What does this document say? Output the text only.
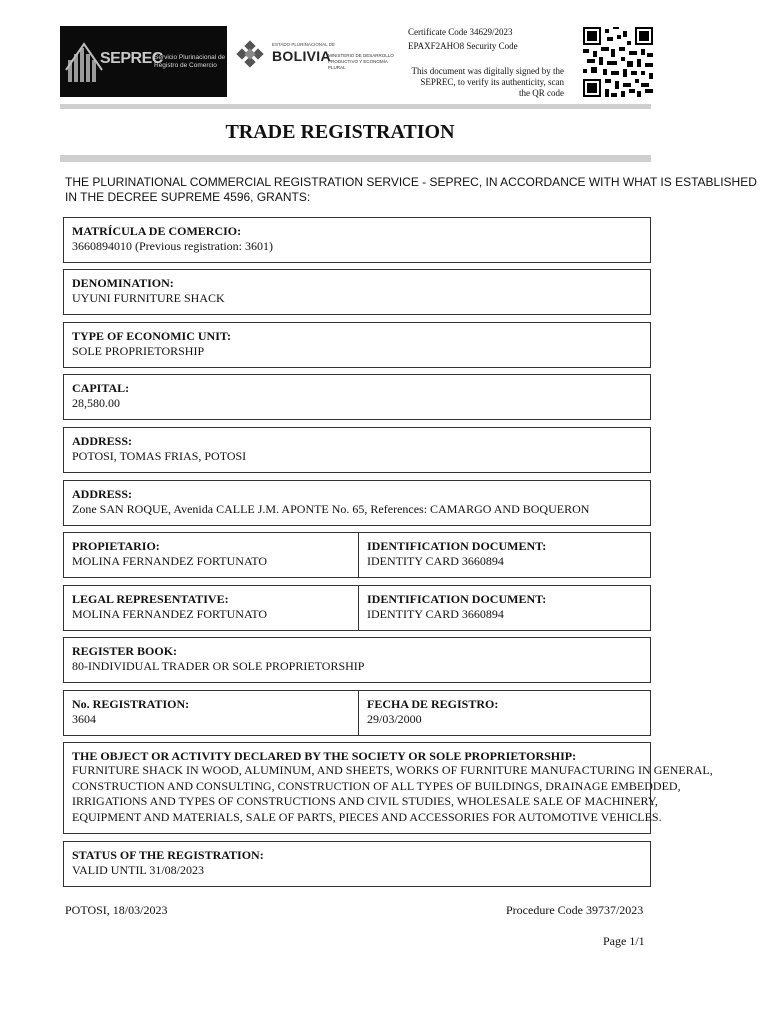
SEPREC
Servicio Plurinacional de Registro de Comercio
ESTADO PLURINACIONAL DE
BOLIVIA
MINISTERIO DE DESARROLLO PRODUCTIVO Y ECONOMÍA PLURAL
Certificate Code 34629/2023
EPAXF2AHO8 Security Code
This document was digitally signed by the SEPREC, to verify its authenticity, scan the QR code
TRADE REGISTRATION
THE PLURINATIONAL COMMERCIAL REGISTRATION SERVICE - SEPREC, IN ACCORDANCE WITH WHAT IS ESTABLISHED IN THE DECREE SUPREME 4596, GRANTS:
MATRÍCULA DE COMERCIO:
3660894010 (Previous registration: 3601)
DENOMINATION:
UYUNI FURNITURE SHACK
TYPE OF ECONOMIC UNIT:
SOLE PROPRIETORSHIP
CAPITAL:
28,580.00
ADDRESS:
POTOSI, TOMAS FRIAS, POTOSI
ADDRESS:
Zone SAN ROQUE, Avenida CALLE J.M. APONTE No. 65, References: CAMARGO AND BOQUERON
PROPIETARIO:
MOLINA FERNANDEZ FORTUNATO
IDENTIFICATION DOCUMENT:
IDENTITY CARD 3660894
LEGAL REPRESENTATIVE:
MOLINA FERNANDEZ FORTUNATO
IDENTIFICATION DOCUMENT:
IDENTITY CARD 3660894
REGISTER BOOK:
80-INDIVIDUAL TRADER OR SOLE PROPRIETORSHIP
No. REGISTRATION:
3604
FECHA DE REGISTRO:
29/03/2000
THE OBJECT OR ACTIVITY DECLARED BY THE SOCIETY OR SOLE PROPRIETORSHIP:
FURNITURE SHACK IN WOOD, ALUMINUM, AND SHEETS, WORKS OF FURNITURE MANUFACTURING IN GENERAL, CONSTRUCTION AND CONSULTING, CONSTRUCTION OF ALL TYPES OF BUILDINGS, DRAINAGE EMBEDDED, IRRIGATIONS AND TYPES OF CONSTRUCTIONS AND CIVIL STUDIES, WHOLESALE SALE OF MACHINERY, EQUIPMENT AND MATERIALS, SALE OF PARTS, PIECES AND ACCESSORIES FOR AUTOMOTIVE VEHICLES.
STATUS OF THE REGISTRATION:
VALID UNTIL 31/08/2023
POTOSI, 18/03/2023	Procedure Code 39737/2023
Page 1/1
